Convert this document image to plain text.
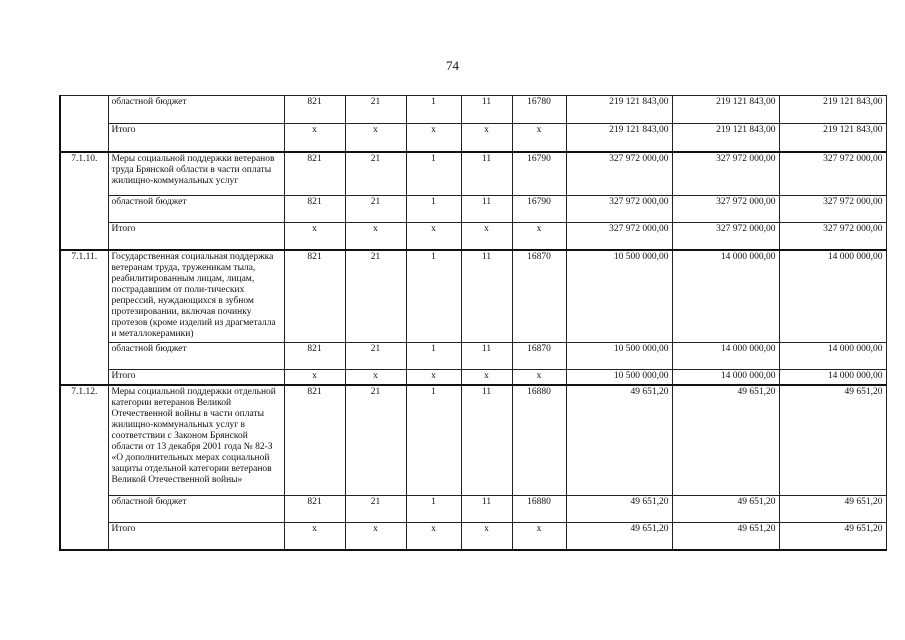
74
	областной бюджет	821	21	1	11	16780	219 121 843,00	219 121 843,00	219 121 843,00
	Итого	х	х	х	х	х	219 121 843,00	219 121 843,00	219 121 843,00
7.1.10.	Меры социальной поддержки ветеранов труда Брянской области в части оплаты жилищно-коммунальных услуг	821	21	1	11	16790	327 972 000,00	327 972 000,00	327 972 000,00
	областной бюджет	821	21	1	11	16790	327 972 000,00	327 972 000,00	327 972 000,00
	Итого	х	х	х	х	х	327 972 000,00	327 972 000,00	327 972 000,00
7.1.11.	Государственная социальная поддержка ветеранам труда, труженикам тыла, реабилитированным лицам, лицам, пострадавшим от поли-тических репрессий, нуждающихся в зубном протезировании, включая починку протезов (кроме изделий из драгметалла и металлокерамики)	821	21	1	11	16870	10 500 000,00	14 000 000,00	14 000 000,00
	областной бюджет	821	21	1	11	16870	10 500 000,00	14 000 000,00	14 000 000,00
	Итого	х	х	х	х	х	10 500 000,00	14 000 000,00	14 000 000,00
7.1.12.	Меры социальной поддержки отдельной категории ветеранов Великой Отечественной войны в части оплаты жилищно-коммунальных услуг в соответствии с Законом Брянской области от 13 декабря 2001 года № 82-З «О дополнительных мерах социальной защиты отдельной категории ветеранов Великой Отечественной войны»	821	21	1	11	16880	49 651,20	49 651,20	49 651,20
	областной бюджет	821	21	1	11	16880	49 651,20	49 651,20	49 651,20
	Итого	х	х	х	х	х	49 651,20	49 651,20	49 651,20
